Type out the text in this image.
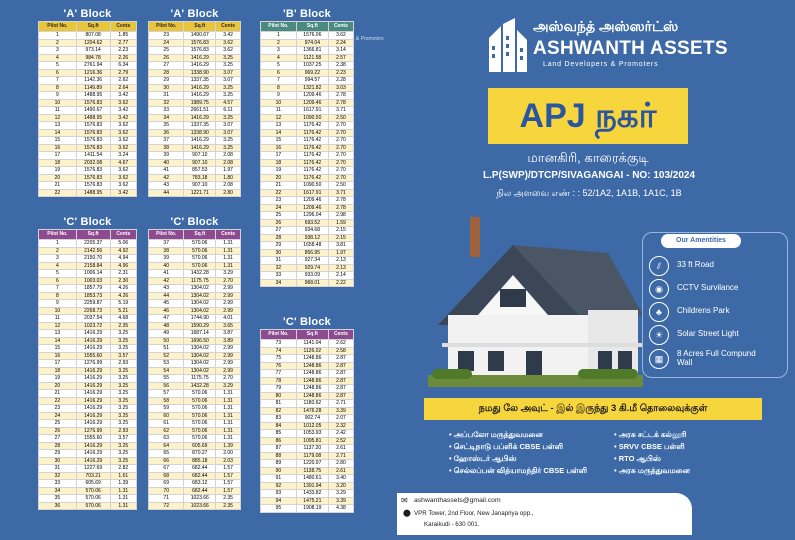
'A' Block
Pilot No.	Sq.ft	Cents
1	807.08	1.85
2	1204.62	2.77
3	973.14	2.23
4	984.78	2.26
5	2761.94	6.34
6	1216.36	2.79
7	1142.36	2.62
8	1149.89	2.64
9	1488.95	3.42
10	1576.83	3.62
11	1490.67	3.42
12	1488.95	3.42
13	1576.83	3.62
14	1576.83	3.62
15	1576.83	3.62
16	1576.83	3.62
17	1411.54	3.24
18	2032.08	4.67
19	1576.83	3.62
20	1576.83	3.62
21	1576.83	3.62
22	1488.95	3.42
'A' Block
Pilot No.	Sq.ft	Cents
23	1490.67	3.42
24	1576.83	3.62
25	1576.83	3.62
26	1416.29	3.25
27	1416.29	3.25
28	1338.90	3.07
29	1337.35	3.07
30	1416.29	3.25
31	1416.29	3.25
32	1989.75	4.57
33	2661.51	6.11
34	1416.29	3.25
35	1337.35	3.07
36	1338.90	3.07
37	1416.29	3.25
38	1416.29	3.25
39	907.10	2.08
40	907.10	2.08
41	857.53	1.97
42	783.18	1.80
43	907.10	2.08
44	1221.71	2.80
'B' Block
Pilot No.	Sq.ft	Cents
1	1576.06	3.62
2	974.04	2.24
3	1366.81	3.14
4	1121.58	2.57
5	1037.25	2.38
6	969.22	2.23
7	994.57	2.28
8	1321.82	3.03
9	1209.46	2.78
10	1209.46	2.78
11	1617.91	3.71
12	1090.50	2.50
13	1176.42	2.70
14	1176.42	2.70
15	1176.42	2.70
16	1176.42	2.70
17	1176.42	2.70
18	1176.42	2.70
19	1176.42	2.70
20	1176.42	2.70
21	1090.50	2.50
22	1617.91	3.71
23	1209.46	2.78
24	1209.46	2.78
25	1296.04	2.98
26	693.52	1.59
27	934.68	2.15
28	938.12	2.15
29	1658.48	3.81
30	856.95	1.97
31	927.34	2.13
32	929.74	2.13
33	933.09	2.14
34	968.01	2.22
'C' Block
Pilot No.	Sq.ft	Cents
1	2205.37	5.06
2	2142.56	4.92
3	2150.70	4.94
4	2158.84	4.96
5	1006.14	2.31
6	1003.03	2.30
7	1857.79	4.26
8	1853.73	4.26
9	2259.87	5.19
10	2268.73	5.21
11	2037.54	4.68
12	1023.72	2.35
13	1416.29	3.25
14	1416.29	3.25
15	1416.29	3.25
16	1555.60	3.57
17	1276.99	2.93
18	1416.29	3.25
19	1416.29	3.25
20	1416.29	3.25
21	1416.29	3.25
22	1416.29	3.25
23	1416.29	3.25
24	1416.29	3.25
25	1416.29	3.25
26	1276.99	2.93
27	1555.60	3.57
28	1416.29	3.25
29	1416.29	3.25
30	1416.29	3.25
31	1227.69	2.82
32	703.21	1.61
33	605.69	1.39
34	570.06	1.31
35	570.06	1.31
36	570.06	1.31
'C' Block
Pilot No.	Sq.ft	Cents
37	570.06	1.31
38	570.06	1.31
39	570.06	1.31
40	570.06	1.31
41	1432.28	3.29
42	1175.75	2.70
43	1304.02	2.99
44	1304.02	2.99
45	1304.02	2.99
46	1304.02	2.99
47	1744.90	4.01
48	1590.29	3.65
49	1687.14	3.87
50	1696.50	3.89
51	1304.02	2.99
52	1304.02	2.99
53	1304.02	2.99
54	1304.02	2.99
55	1175.75	2.70
56	1432.28	3.29
57	570.06	1.31
58	570.06	1.31
59	570.06	1.31
60	570.06	1.31
61	570.06	1.31
62	570.06	1.31
63	570.06	1.31
64	605.69	1.39
65	870.27	2.00
66	885.18	2.03
67	682.44	1.57
68	682.44	1.57
69	683.12	1.57
70	682.44	1.57
71	1023.66	2.35
72	1023.66	2.35
'C' Block
Pilot No.	Sq.ft	Cents
73	1141.04	2.62
74	1126.02	2.58
75	1248.86	2.87
76	1248.86	2.87
77	1248.86	2.87
78	1248.86	2.87
79	1248.86	2.87
80	1248.86	2.87
81	1180.62	2.71
82	1476.28	3.39
83	902.74	2.07
84	1012.05	2.32
85	1053.93	2.42
86	1095.81	2.52
87	1137.20	2.61
88	1179.08	2.71
89	1220.97	2.80
90	1138.75	2.61
91	1480.61	3.40
92	1391.94	3.20
93	1433.82	3.29
94	1475.21	3.39
95	1908.19	4.38
s & Promoters
அஸ்வந்த் அஸ்ஸர்ட்ஸ்
ASHWANTH ASSETS
Land Developers & Promoters
APJ நகர்
மானகிரி, காரைக்குடி
L.P(SWP)/DTCP/SIVAGANGAI - NO: 103/2024
நில அளவை எண் : : 52/1A2, 1A1B, 1A1C, 1B
Our Amentities
⫽	33 ft Road
◉	CCTV Survilance
♣	Childrens Park
☀	Solar Street Light
▦
8 Acres Full Compund Wall
நமது லே அவுட் - இல் இருந்து 3 கி.மீ தொலைவுக்குள்
• அப்பலோ மருத்துவமனை
• செட்டிநாடு பப்ளிக் CBSE பள்ளி
• ஹோஸ்டர் ஆபிஸ்
• செல்லப்பன் வித்யாமந்திர் CBSE பள்ளி
• அரசு சட்டக் கல்லூரி
• SRVV CBSE பள்ளி
• RTO ஆபிஸ்
• அரசு மருத்துவமனை
✉ ashwanthassets@gmail.com
⬤ VPR Tower, 2nd Floor, New Janapriya opp.,
Karaikudi - 630 001.
